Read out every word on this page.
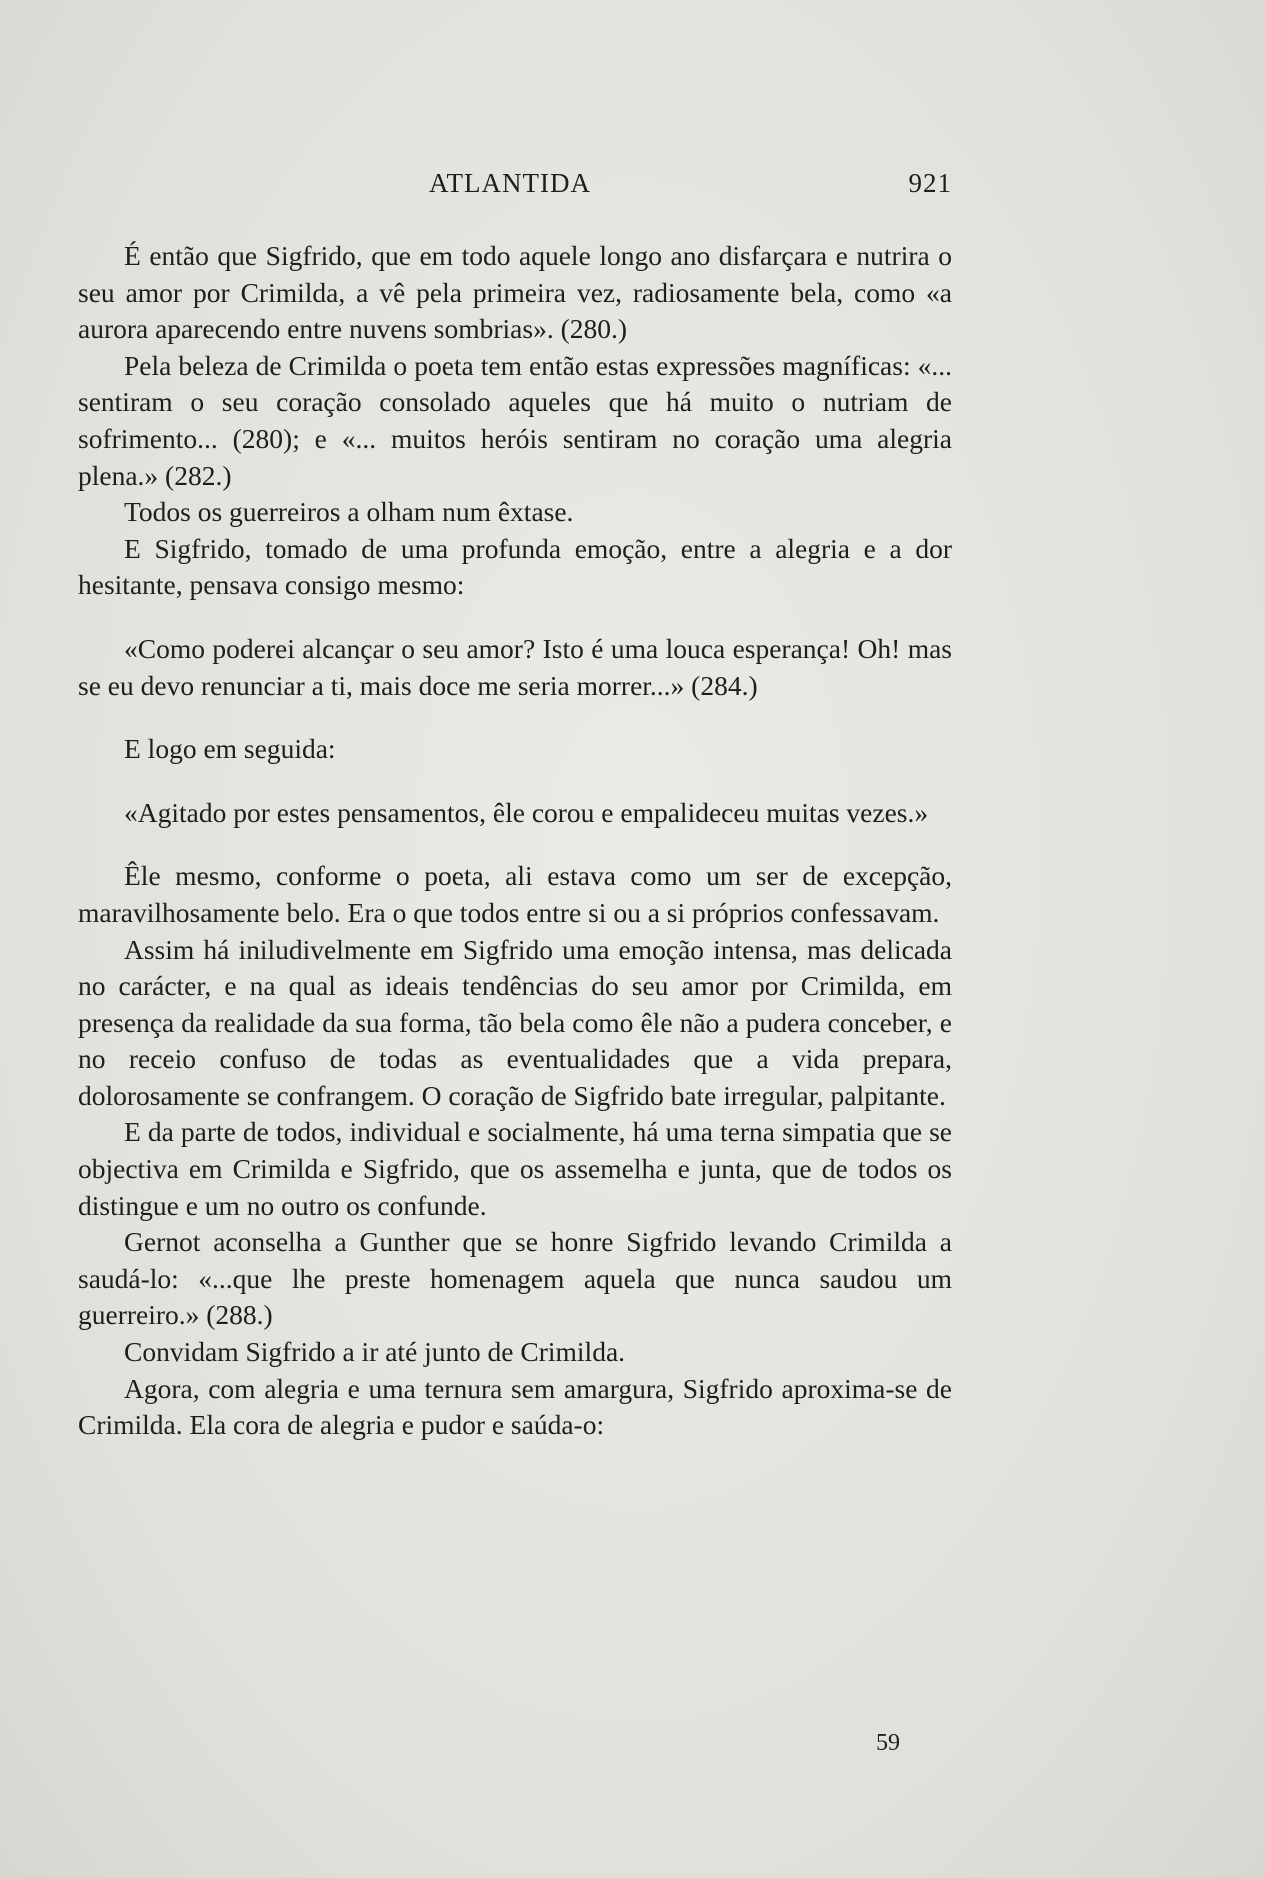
ATLANTIDA	921

É então que Sigfrido, que em todo aquele longo ano disfarçara e nutrira o seu amor por Crimilda, a vê pela primeira vez, radiosamente bela, como «a aurora aparecendo entre nuvens sombrias». (280.)

Pela beleza de Crimilda o poeta tem então estas expressões magníficas: «... sentiram o seu coração consolado aqueles que há muito o nutriam de sofrimento... (280); e «... muitos heróis sentiram no coração uma alegria plena.» (282.)

Todos os guerreiros a olham num êxtase.

E Sigfrido, tomado de uma profunda emoção, entre a alegria e a dor hesitante, pensava consigo mesmo:

«Como poderei alcançar o seu amor? Isto é uma louca esperança! Oh! mas se eu devo renunciar a ti, mais doce me seria morrer...» (284.)

E logo em seguida:

«Agitado por estes pensamentos, êle corou e empalideceu muitas vezes.»

Êle mesmo, conforme o poeta, ali estava como um ser de excepção, maravilhosamente belo. Era o que todos entre si ou a si próprios confessavam.

Assim há iniludivelmente em Sigfrido uma emoção intensa, mas delicada no carácter, e na qual as ideais tendências do seu amor por Crimilda, em presença da realidade da sua forma, tão bela como êle não a pudera conceber, e no receio confuso de todas as eventualidades que a vida prepara, dolorosamente se confrangem. O coração de Sigfrido bate irregular, palpitante.

E da parte de todos, individual e socialmente, há uma terna simpatia que se objectiva em Crimilda e Sigfrido, que os assemelha e junta, que de todos os distingue e um no outro os confunde.

Gernot aconselha a Gunther que se honre Sigfrido levando Crimilda a saudá-lo: «...que lhe preste homenagem aquela que nunca saudou um guerreiro.» (288.)

Convidam Sigfrido a ir até junto de Crimilda.

Agora, com alegria e uma ternura sem amargura, Sigfrido aproxima-se de Crimilda. Ela cora de alegria e pudor e saúda-o:

59
